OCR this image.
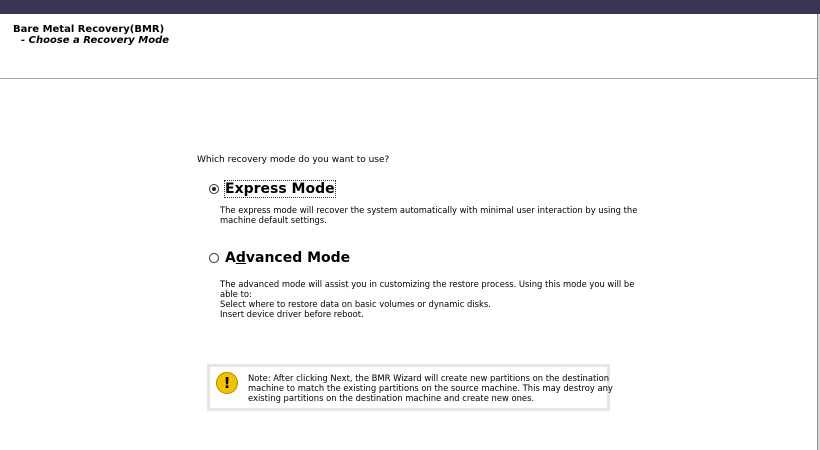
Bare Metal Recovery(BMR)
- Choose a Recovery Mode
Which recovery mode do you want to use?
Express Mode
The express mode will recover the system automatically with minimal user interaction by using the
machine default settings.
Advanced Mode
The advanced mode will assist you in customizing the restore process. Using this mode you will be
able to:
Select where to restore data on basic volumes or dynamic disks.
Insert device driver before reboot.
!	Note: After clicking Next, the BMR Wizard will create new partitions on the destination
machine to match the existing partitions on the source machine. This may destroy any
existing partitions on the destination machine and create new ones.
